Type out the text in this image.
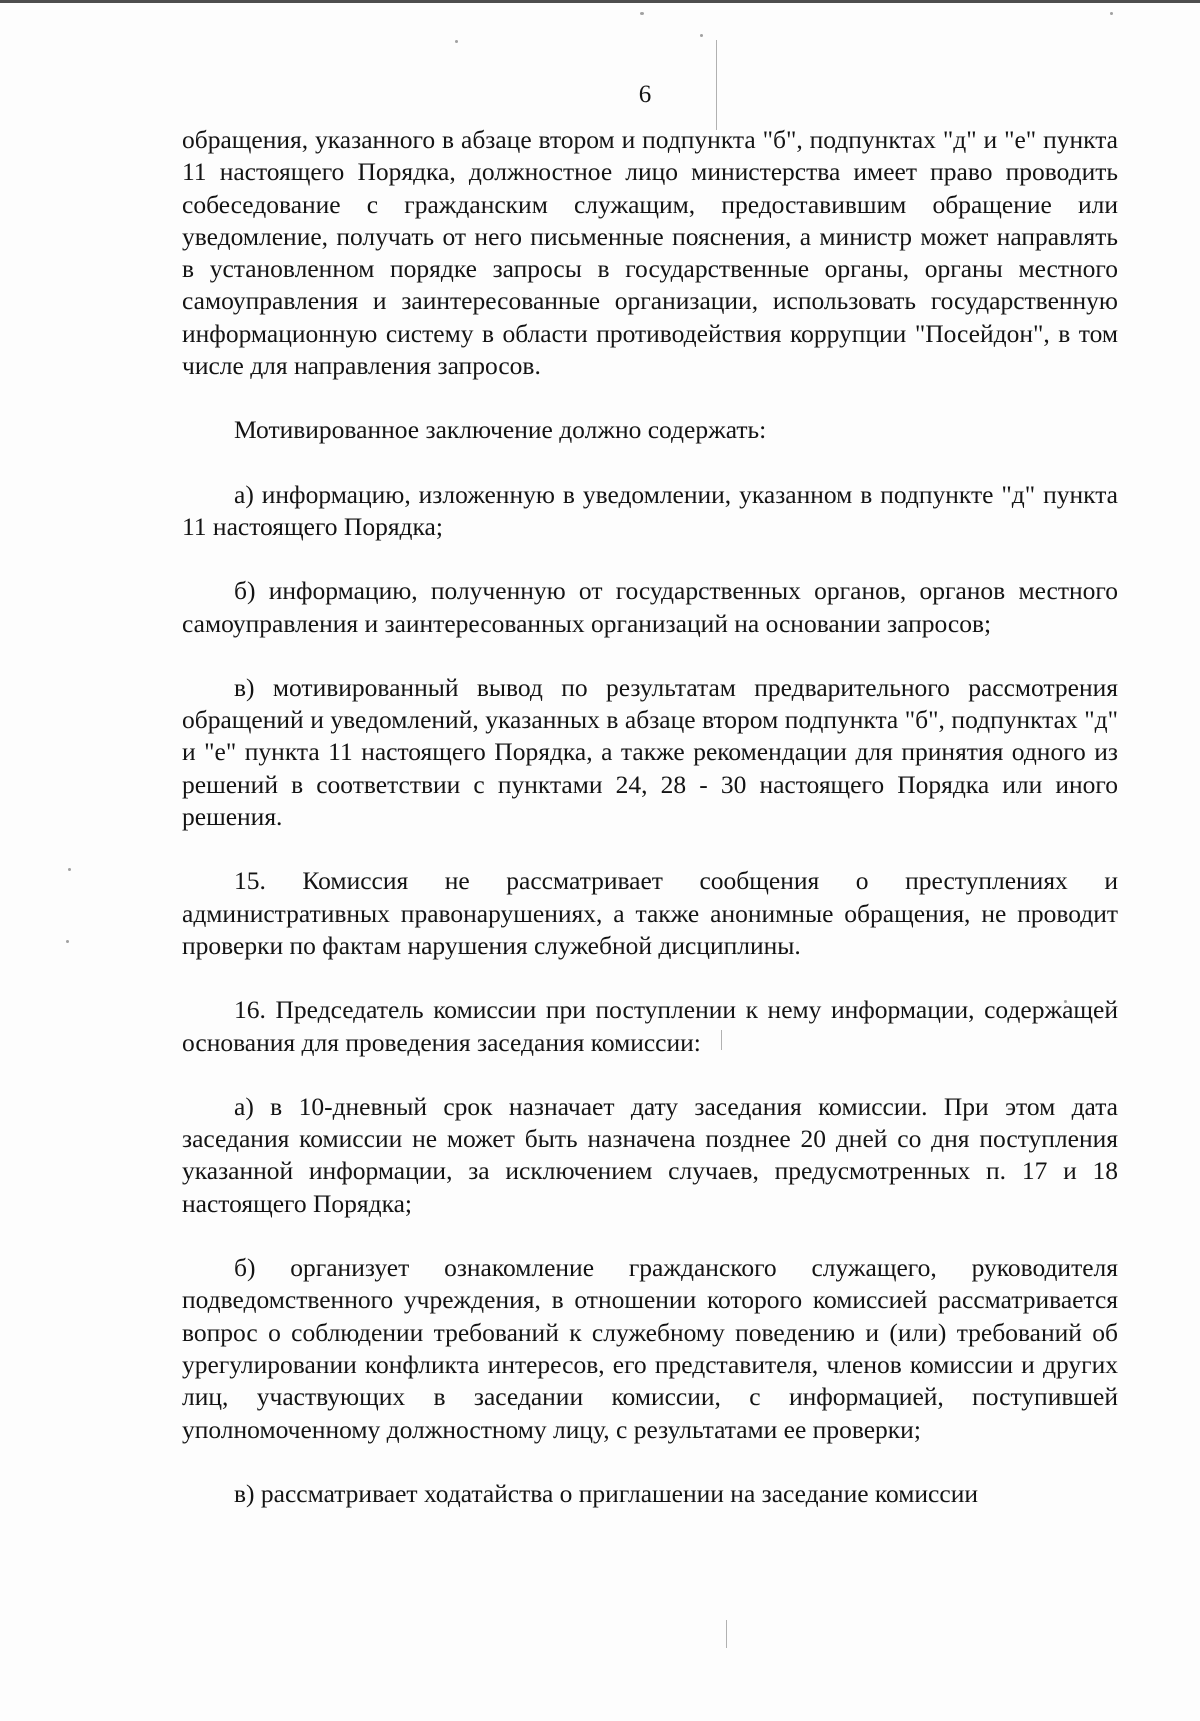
6

обращения, указанного в абзаце втором и подпункта "б", подпунктах "д" и "е" пункта 11 настоящего Порядка, должностное лицо министерства имеет право проводить собеседование с гражданским служащим, предоставившим обращение или уведомление, получать от него письменные пояснения, а министр может направлять в установленном порядке запросы в государственные органы, органы местного самоуправления и заинтересованные организации, использовать государственную информационную систему в области противодействия коррупции "Посейдон", в том числе для направления запросов.

Мотивированное заключение должно содержать:

а) информацию, изложенную в уведомлении, указанном в подпункте "д" пункта 11 настоящего Порядка;

б) информацию, полученную от государственных органов, органов местного самоуправления и заинтересованных организаций на основании запросов;

в) мотивированный вывод по результатам предварительного рассмотрения обращений и уведомлений, указанных в абзаце втором подпункта "б", подпунктах "д" и "е" пункта 11 настоящего Порядка, а также рекомендации для принятия одного из решений в соответствии с пунктами 24, 28 - 30 настоящего Порядка или иного решения.

15. Комиссия не рассматривает сообщения о преступлениях и административных правонарушениях, а также анонимные обращения, не проводит проверки по фактам нарушения служебной дисциплины.

16. Председатель комиссии при поступлении к нему информации, содержащей основания для проведения заседания комиссии:

а) в 10-дневный срок назначает дату заседания комиссии. При этом дата заседания комиссии не может быть назначена позднее 20 дней со дня поступления указанной информации, за исключением случаев, предусмотренных п. 17 и 18 настоящего Порядка;

б) организует ознакомление гражданского служащего, руководителя подведомственного учреждения, в отношении которого комиссией рассматривается вопрос о соблюдении требований к служебному поведению и (или) требований об урегулировании конфликта интересов, его представителя, членов комиссии и других лиц, участвующих в заседании комиссии, с информацией, поступившей уполномоченному должностному лицу, с результатами ее проверки;

в) рассматривает ходатайства о приглашении на заседание комиссии
